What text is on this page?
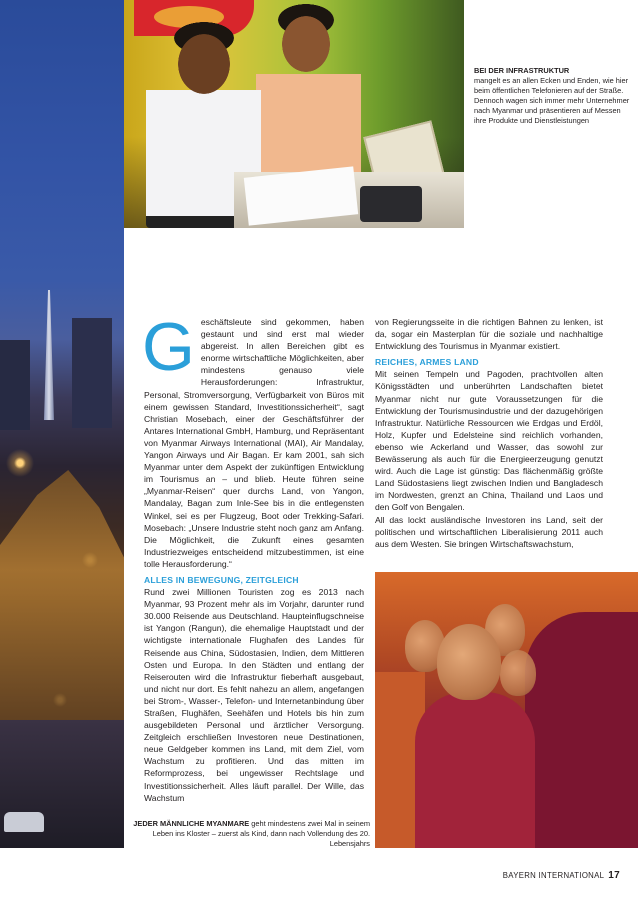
BEI DER INFRASTRUKTUR
mangelt es an allen Ecken und Enden, wie hier beim öffentlichen Telefonieren auf der Straße. Dennoch wagen sich immer mehr Unternehmer nach Myanmar und präsentieren auf Messen ihre Produkte und Dienstleistungen
JEDER MÄNNLICHE MYANMARE geht mindestens zwei Mal in seinem Leben ins Kloster – zuerst als Kind, dann nach Vollendung des 20. Lebensjahrs

Geschäftsleute sind gekommen, haben gestaunt und sind erst mal wieder abgereist. In allen Bereichen gibt es enorme wirtschaftliche Möglichkeiten, aber mindestens genauso viele Herausforderungen: Infrastruktur, Personal, Stromversorgung, Verfügbarkeit von Büros mit einem gewissen Standard, Investitionssicherheit“, sagt Christian Mosebach, einer der Geschäftsführer der Antares International GmbH, Hamburg, und Repräsentant von Myanmar Airways International (MAI), Air Mandalay, Yangon Airways und Air Bagan. Er kam 2001, sah sich Myanmar unter dem Aspekt der zukünftigen Entwicklung im Tourismus an – und blieb. Heute führen seine „Myanmar-Reisen“ quer durchs Land, von Yangon, Mandalay, Bagan zum Inle-See bis in die entlegensten Winkel, sei es per Flugzeug, Boot oder Trekking-Safari. Mosebach: „Unsere Industrie steht noch ganz am Anfang. Die Möglichkeit, die Zukunft eines gesamten Industriezweiges entscheidend mitzubestimmen, ist eine tolle Herausforderung.“

ALLES IN BEWEGUNG, ZEITGLEICH

Rund zwei Millionen Touristen zog es 2013 nach Myanmar, 93 Prozent mehr als im Vorjahr, darunter rund 30.000 Reisende aus Deutschland. Haupteinflugschneise ist Yangon (Rangun), die ehemalige Hauptstadt und der wichtigste internationale Flughafen des Landes für Reisende aus China, Südostasien, Indien, dem Mittleren Osten und Europa. In den Städten und entlang der Reiserouten wird die Infrastruktur fieberhaft ausgebaut, und nicht nur dort. Es fehlt nahezu an allem, angefangen bei Strom-, Wasser-, Telefon- und Internetanbindung über Straßen, Flughäfen, Seehäfen und Hotels bis hin zum ausgebildeten Personal und ärztlicher Versorgung. Zeitgleich erschließen Investoren neue Destinationen, neue Geldgeber kommen ins Land, mit dem Ziel, vom Wachstum zu profitieren. Und das mitten im Reformprozess, bei ungewisser Rechtslage und Investitionssicherheit. Alles läuft parallel. Der Wille, das Wachstum

von Regierungsseite in die richtigen Bahnen zu lenken, ist da, sogar ein Masterplan für die soziale und nachhaltige Entwicklung des Tourismus in Myanmar existiert.

REICHES, ARMES LAND

Mit seinen Tempeln und Pagoden, prachtvollen alten Königsstädten und unberührten Landschaften bietet Myanmar nicht nur gute Voraussetzungen für die Entwicklung der Tourismusindustrie und der dazugehörigen Infrastruktur. Natürliche Ressourcen wie Erdgas und Erdöl, Holz, Kupfer und Edelsteine sind reichlich vorhanden, ebenso wie Ackerland und Wasser, das sowohl zur Bewässerung als auch für die Energieerzeugung genutzt wird. Auch die Lage ist günstig: Das flächenmäßig größte Land Südostasiens liegt zwischen Indien und Bangladesch im Nordwesten, grenzt an China, Thailand und Laos und den Golf von Bengalen.

All das lockt ausländische Investoren ins Land, seit der politischen und wirtschaftlichen Liberalisierung 2011 auch aus dem Westen. Sie bringen Wirtschaftswachstum,

BAYERN INTERNATIONAL 17
